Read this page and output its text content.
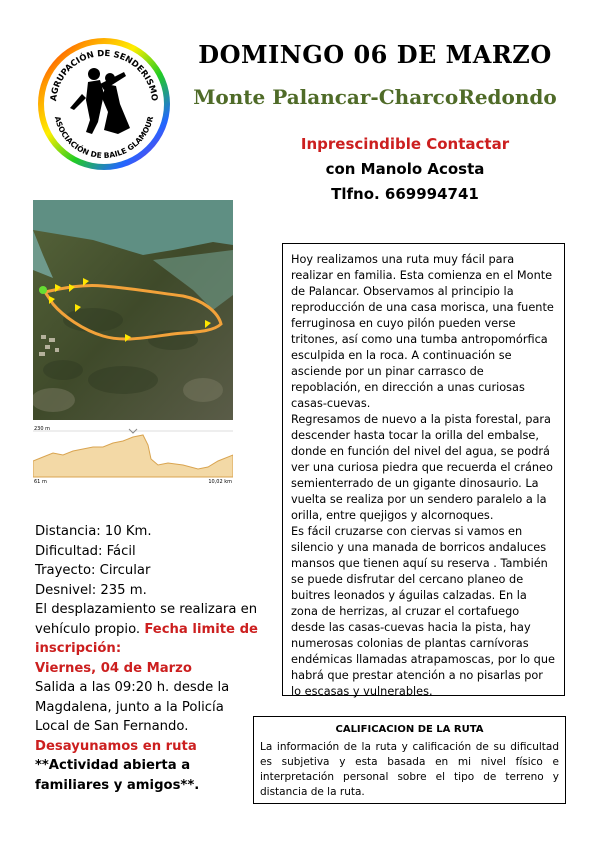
AGRUPACIÓN DE SENDERISMO
ASOCIACIÓN DE BAILE GLAMOUR
DOMINGO 06 DE MARZO
Monte Palancar-CharcoRedondo
Inprescindible Contactar
con Manolo Acosta
Tlfno. 669994741
230 m
61 m	10,02 km

Distancia: 10 Km.

Dificultad: Fácil

Trayecto: Circular

Desnivel: 235 m.

El desplazamiento se realizara en vehículo propio. Fecha limite de inscripción:

Viernes, 04 de Marzo

Salida a las 09:20 h. desde la Magdalena, junto a la Policía Local de San Fernando.

Desayunamos en ruta

**Actividad abierta a familiares y amigos**.

Hoy realizamos una ruta muy fácil para realizar en familia. Esta comienza en el Monte de Palancar. Observamos al principio la reproducción de una casa morisca, una fuente ferruginosa en cuyo pilón pueden verse tritones, así como una tumba antropomórfica esculpida en la roca. A continuación se asciende por un pinar carrasco de repoblación, en dirección a unas curiosas casas-cuevas.

Regresamos de nuevo a la pista forestal, para descender hasta tocar la orilla del embalse, donde en función del nivel del agua, se podrá ver una curiosa piedra que recuerda el cráneo semienterrado de un gigante dinosaurio. La vuelta se realiza por un sendero paralelo a la orilla, entre quejigos y alcornoques.

Es fácil cruzarse con ciervas si vamos en silencio y una manada de borricos andaluces mansos que tienen aquí su reserva . También se puede disfrutar del cercano planeo de buitres leonados y águilas calzadas. En la zona de herrizas, al cruzar el cortafuego desde las casas-cuevas hacia la pista, hay numerosas colonias de plantas carnívoras endémicas llamadas atrapamoscas, por lo que habrá que prestar atención a no pisarlas por lo escasas y vulnerables.

CALIFICACION DE LA RUTA
La información de la ruta y calificación de su dificultad es subjetiva y esta basada en mi nivel físico e interpretación personal sobre el tipo de terreno y distancia de la ruta.
